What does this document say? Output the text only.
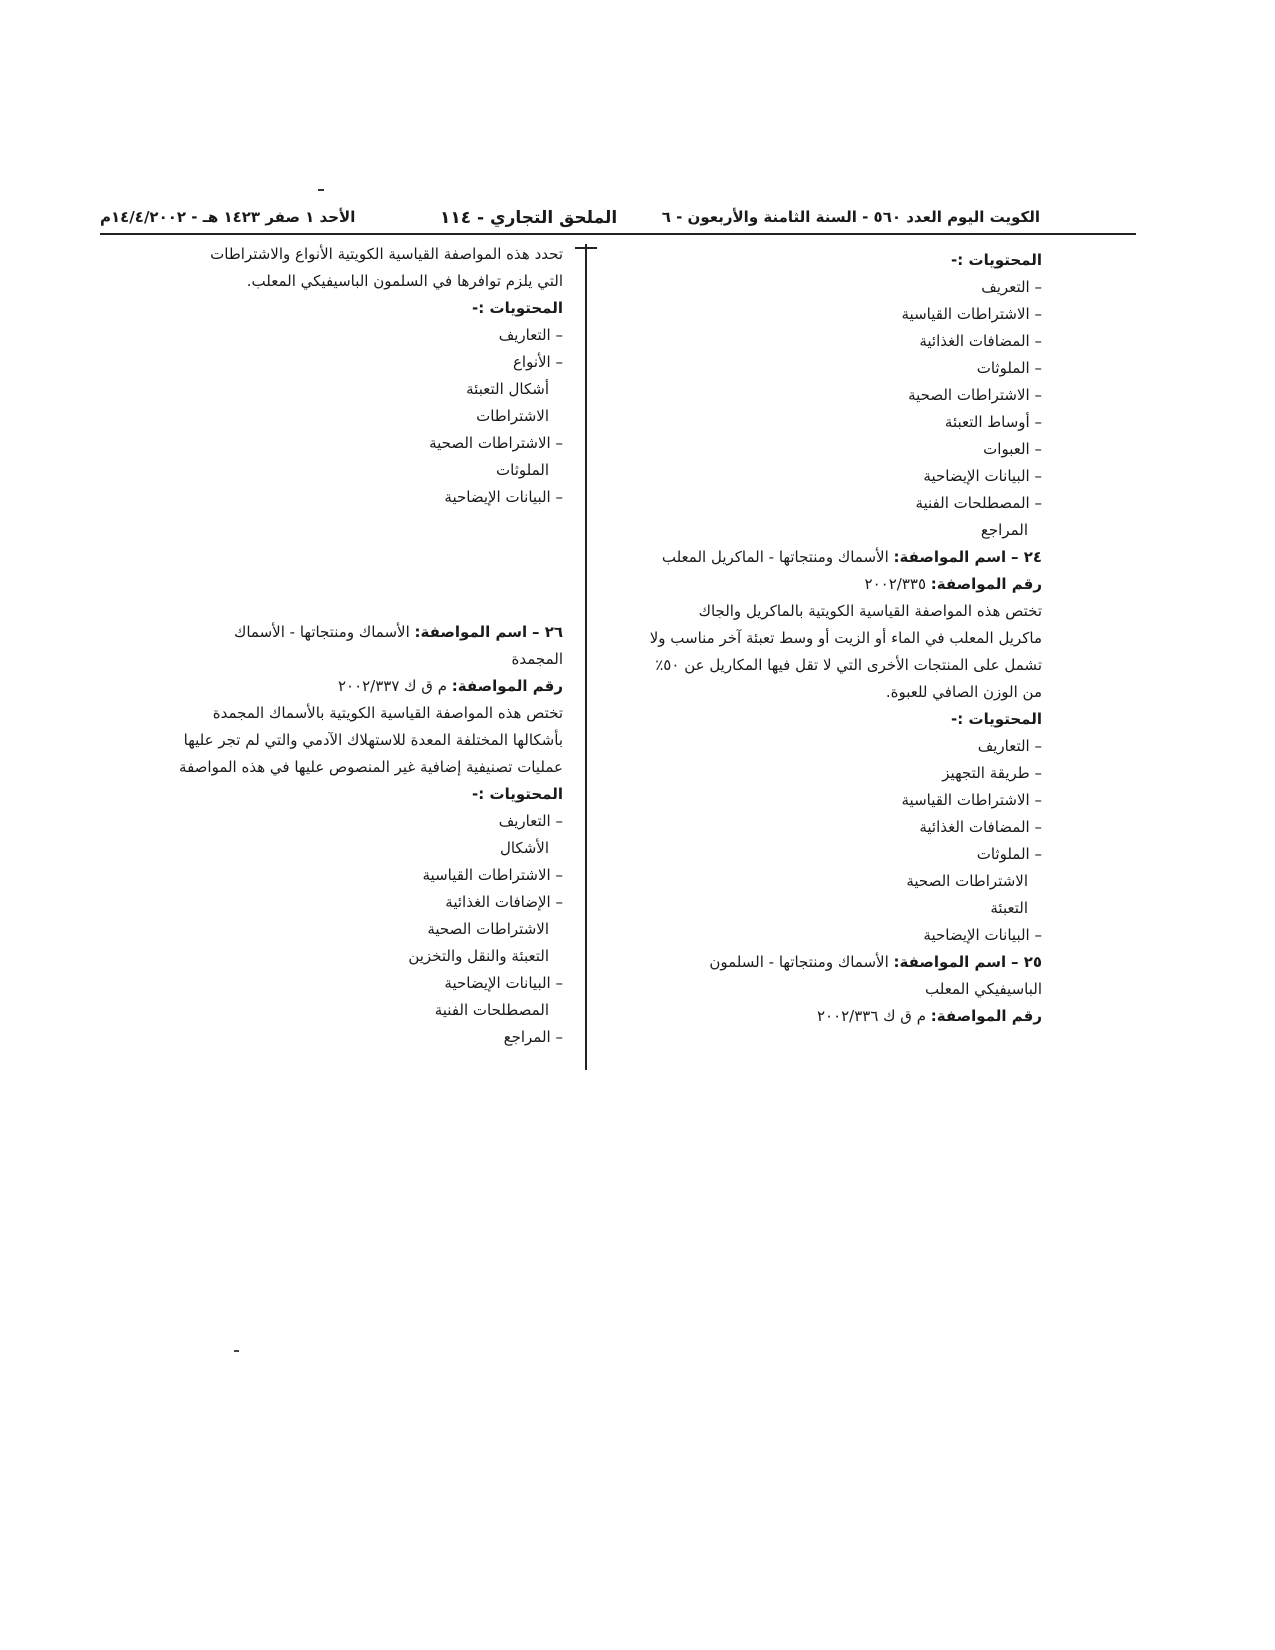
الكويت اليوم العدد ٥٦٠ - السنة الثامنة والأربعون - ٦
الملحق التجاري - ١١٤
الأحد ١ صفر ١٤٢٣ هـ - ١٤/٤/٢٠٠٢م
المحتويات :-
– التعريف
– الاشتراطات القياسية
– المضافات الغذائية
– الملوثات
– الاشتراطات الصحية
– أوساط التعبئة
– العبوات
– البيانات الإيضاحية
– المصطلحات الفنية
المراجع
٢٤ – اسم المواصفة: الأسماك ومنتجاتها - الماكريل المعلب
رقم المواصفة: ٢٠٠٢/٣٣٥
تختص هذه المواصفة القياسية الكويتية بالماكريل والجاك
ماكريل المعلب في الماء أو الزيت أو وسط تعبئة آخر مناسب ولا
تشمل على المنتجات الأخرى التي لا تقل فيها المكاريل عن ٥٠٪
من الوزن الصافي للعبوة.
المحتويات :-
– التعاريف
– طريقة التجهيز
– الاشتراطات القياسية
– المضافات الغذائية
– الملوثات
الاشتراطات الصحية
التعبئة
– البيانات الإيضاحية
٢٥ – اسم المواصفة: الأسماك ومنتجاتها - السلمون
الباسيفيكي المعلب
رقم المواصفة: م ق ك ٢٠٠٢/٣٣٦
تحدد هذه المواصفة القياسية الكويتية الأنواع والاشتراطات
التي يلزم توافرها في السلمون الباسيفيكي المعلب.
المحتويات :-
– التعاريف
– الأنواع
أشكال التعبئة
الاشتراطات
– الاشتراطات الصحية
الملوثات
– البيانات الإيضاحية
٢٦ – اسم المواصفة: الأسماك ومنتجاتها - الأسماك
المجمدة
رقم المواصفة: م ق ك ٢٠٠٢/٣٣٧
تختص هذه المواصفة القياسية الكويتية بالأسماك المجمدة
بأشكالها المختلفة المعدة للاستهلاك الآدمي والتي لم تجر عليها
عمليات تصنيفية إضافية غير المنصوص عليها في هذه المواصفة
المحتويات :-
– التعاريف
الأشكال
– الاشتراطات القياسية
– الإضافات الغذائية
الاشتراطات الصحية
التعبئة والنقل والتخزين
– البيانات الإيضاحية
المصطلحات الفنية
– المراجع
